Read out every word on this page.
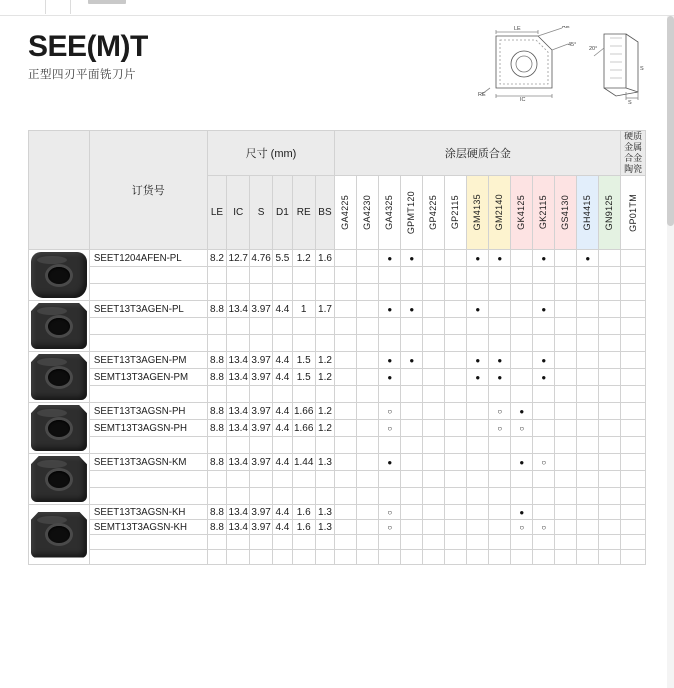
SEE(M)T
正型四刃平面铣刀片
LE	RE
45°
IC
RE
20°
S
S
	订货号	尺寸 (mm)						涂层硬质合金													硬质金属
合金陶瓷

		LE	IC	S	D1	RE	BS	GA4225	GA4230	GA4325	GPMT120	GP4225	GP2115	GM4135	GM2140	GK4125	GK2115	GS4130	GH4415	GN9125	GP01TM

	SEET1204AFEN-PL	8.2	12.7	4.76	5.5	1.2	1.6			●	●			●	●		●		●		

	SEET13T3AGEN-PL	8.8	13.4	3.97	4.4	1	1.7			●	●			●			●				

	SEET13T3AGEN-PM	8.8	13.4	3.97	4.4	1.5	1.2			●	●			●	●		●				
	SEMT13T3AGEN-PM	8.8	13.4	3.97	4.4	1.5	1.2			●				●	●		●				

	SEET13T3AGSN-PH	8.8	13.4	3.97	4.4	1.66	1.2			○					○	●					
	SEMT13T3AGSN-PH	8.8	13.4	3.97	4.4	1.66	1.2			○					○	○					

	SEET13T3AGSN-KM	8.8	13.4	3.97	4.4	1.44	1.3			●						●	○				

	SEET13T3AGSN-KH	8.8	13.4	3.97	4.4	1.6	1.3			○						●					
	SEMT13T3AGSN-KH	8.8	13.4	3.97	4.4	1.6	1.3			○						○	○				
